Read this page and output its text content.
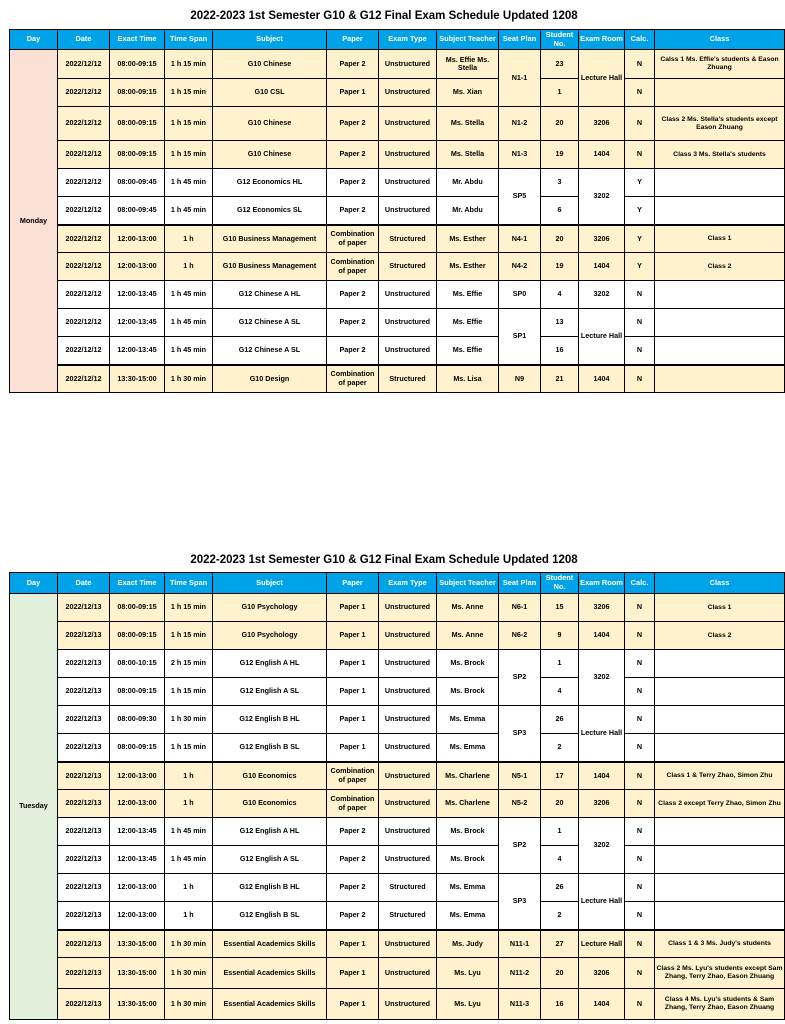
2022-2023 1st Semester G10 & G12 Final Exam Schedule Updated 1208
Day	Date	Exact Time	Time Span	Subject	Paper	Exam Type	Subject Teacher	Seat Plan	Student No.	Exam Room	Calc.	Class
Monday	2022/12/12	08:00-09:15	1 h 15 min	G10 Chinese	Paper 2	Unstructured	Ms. Effie Ms. Stella	N1-1	23	Lecture Hall	N	Calss 1 Ms. Effie's students & Eason Zhuang
	2022/12/12	08:00-09:15	1 h 15 min	G10 CSL	Paper 1	Unstructured	Ms. Xian		1		N	
	2022/12/12	08:00-09:15	1 h 15 min	G10 Chinese	Paper 2	Unstructured	Ms. Stella	N1-2	20	3206	N	Class 2 Ms. Stella's students except Eason Zhuang
	2022/12/12	08:00-09:15	1 h 15 min	G10 Chinese	Paper 2	Unstructured	Ms. Stella	N1-3	19	1404	N	Class 3 Ms. Stella's students
	2022/12/12	08:00-09:45	1 h 45 min	G12 Economics HL	Paper 2	Unstructured	Mr. Abdu	SP5	3	3202	Y	
	2022/12/12	08:00-09:45	1 h 45 min	G12 Economics SL	Paper 2	Unstructured	Mr. Abdu		6		Y	
	2022/12/12	12:00-13:00	1 h	G10 Business Management	Combination of paper	Structured	Ms. Esther	N4-1	20	3206	Y	Class 1
	2022/12/12	12:00-13:00	1 h	G10 Business Management	Combination of paper	Structured	Ms. Esther	N4-2	19	1404	Y	Class 2
	2022/12/12	12:00-13:45	1 h 45 min	G12 Chinese A HL	Paper 2	Unstructured	Ms. Effie	SP0	4	3202	N	
	2022/12/12	12:00-13:45	1 h 45 min	G12 Chinese A SL	Paper 2	Unstructured	Ms. Effie	SP1	13	Lecture Hall	N	
	2022/12/12	12:00-13:45	1 h 45 min	G12 Chinese A SL	Paper 2	Unstructured	Ms. Effie		16		N	
	2022/12/12	13:30-15:00	1 h 30 min	G10 Design	Combination of paper	Structured	Ms. Lisa	N9	21	1404	N	
2022-2023 1st Semester G10 & G12 Final Exam Schedule Updated 1208
Day	Date	Exact Time	Time Span	Subject	Paper	Exam Type	Subject Teacher	Seat Plan	Student No.	Exam Room	Calc.	Class
Tuesday	2022/12/13	08:00-09:15	1 h 15 min	G10 Psychology	Paper 1	Unstructured	Ms. Anne	N6-1	15	3206	N	Class 1
	2022/12/13	08:00-09:15	1 h 15 min	G10 Psychology	Paper 1	Unstructured	Ms. Anne	N6-2	9	1404	N	Class 2
	2022/12/13	08:00-10:15	2 h 15 min	G12 English A HL	Paper 1	Unstructured	Ms. Brock	SP2	1	3202	N	
	2022/12/13	08:00-09:15	1 h 15 min	G12 English A SL	Paper 1	Unstructured	Ms. Brock		4		N	
	2022/12/13	08:00-09:30	1 h 30 min	G12 English B HL	Paper 1	Unstructured	Ms. Emma	SP3	26	Lecture Hall	N	
	2022/12/13	08:00-09:15	1 h 15 min	G12 English B SL	Paper 1	Unstructured	Ms. Emma		2		N	
	2022/12/13	12:00-13:00	1 h	G10 Economics	Combination of paper	Unstructured	Ms. Charlene	N5-1	17	1404	N	Class 1 & Terry Zhao, Simon Zhu
	2022/12/13	12:00-13:00	1 h	G10 Economics	Combination of paper	Unstructured	Ms. Charlene	N5-2	20	3206	N	Class 2 except Terry Zhao, Simon Zhu
	2022/12/13	12:00-13:45	1 h 45 min	G12 English A HL	Paper 2	Unstructured	Ms. Brock	SP2	1	3202	N	
	2022/12/13	12:00-13:45	1 h 45 min	G12 English A SL	Paper 2	Unstructured	Ms. Brock		4		N	
	2022/12/13	12:00-13:00	1 h	G12 English B HL	Paper 2	Structured	Ms. Emma	SP3	26	Lecture Hall	N	
	2022/12/13	12:00-13:00	1 h	G12 English B SL	Paper 2	Structured	Ms. Emma		2		N	
	2022/12/13	13:30-15:00	1 h 30 min	Essential Academics Skills	Paper 1	Unstructured	Ms. Judy	N11-1	27	Lecture Hall	N	Class 1 & 3 Ms. Judy's students
	2022/12/13	13:30-15:00	1 h 30 min	Essential Academics Skills	Paper 1	Unstructured	Ms. Lyu	N11-2	20	3206	N	Class 2 Ms. Lyu's students except Sam Zhang, Terry Zhao, Eason Zhuang
	2022/12/13	13:30-15:00	1 h 30 min	Essential Academics Skills	Paper 1	Unstructured	Ms. Lyu	N11-3	16	1404	N	Class 4 Ms. Lyu's students & Sam Zhang, Terry Zhao, Eason Zhuang
